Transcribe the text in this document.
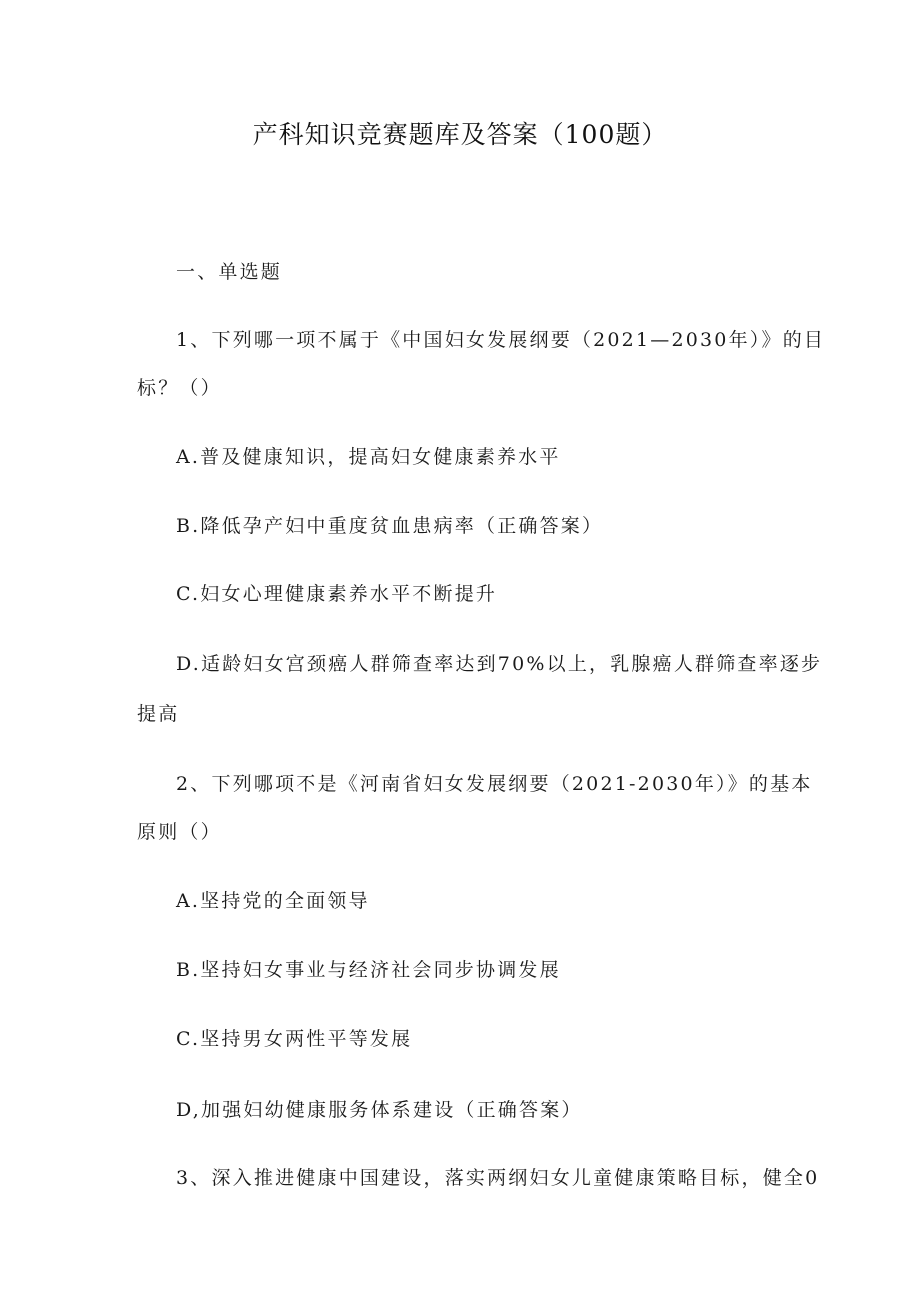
产科知识竞赛题库及答案（100题）
一、单选题
1、下列哪一项不属于《中国妇女发展纲要（2021—2030年）》的目
标？（）
A.普及健康知识，提高妇女健康素养水平
B.降低孕产妇中重度贫血患病率（正确答案）
C.妇女心理健康素养水平不断提升
D.适龄妇女宫颈癌人群筛查率达到70%以上，乳腺癌人群筛查率逐步
提高
2、下列哪项不是《河南省妇女发展纲要（2021-2030年）》的基本
原则（）
A.坚持党的全面领导
B.坚持妇女事业与经济社会同步协调发展
C.坚持男女两性平等发展
D,加强妇幼健康服务体系建设（正确答案）
3、深入推进健康中国建设，落实两纲妇女儿童健康策略目标，健全0
